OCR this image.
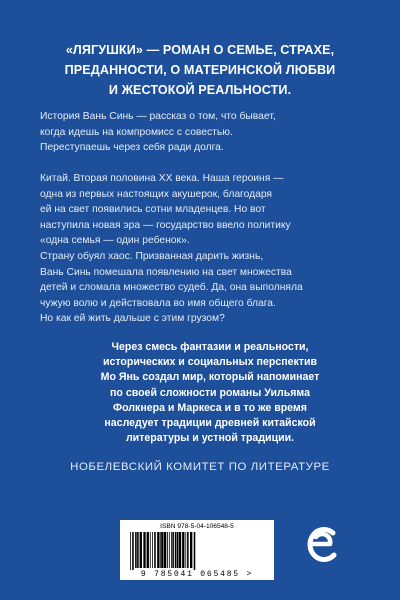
«ЛЯГУШКИ» — РОМАН О СЕМЬЕ, СТРАХЕ,
ПРЕДАННОСТИ, О МАТЕРИНСКОЙ ЛЮБВИ
И ЖЕСТОКОЙ РЕАЛЬНОСТИ.
История Вань Синь — рассказ о том, что бывает,
когда идешь на компромисс с совестью.
Переступаешь через себя ради долга.
Китай. Вторая половина XX века. Наша героиня —
одна из первых настоящих акушерок, благодаря
ей на свет появились сотни младенцев. Но вот
наступила новая эра — государство ввело политику
«одна семья — один ребенок».
Страну обуял хаос. Призванная дарить жизнь,
Вань Синь помешала появлению на свет множества
детей и сломала множество судеб. Да, она выполняла
чужую волю и действовала во имя общего блага.
Но как ей жить дальше с этим грузом?
Через смесь фантазии и реальности,
исторических и социальных перспектив
Мо Янь создал мир, который напоминает
по своей сложности романы Уильяма
Фолкнера и Маркеса и в то же время
наследует традиции древней китайской
литературы и устной традиции.
НОБЕЛЕВСКИЙ КОМИТЕТ ПО ЛИТЕРАТУРЕ
ISBN 978-5-04-106548-5
9 785041 065485 >
